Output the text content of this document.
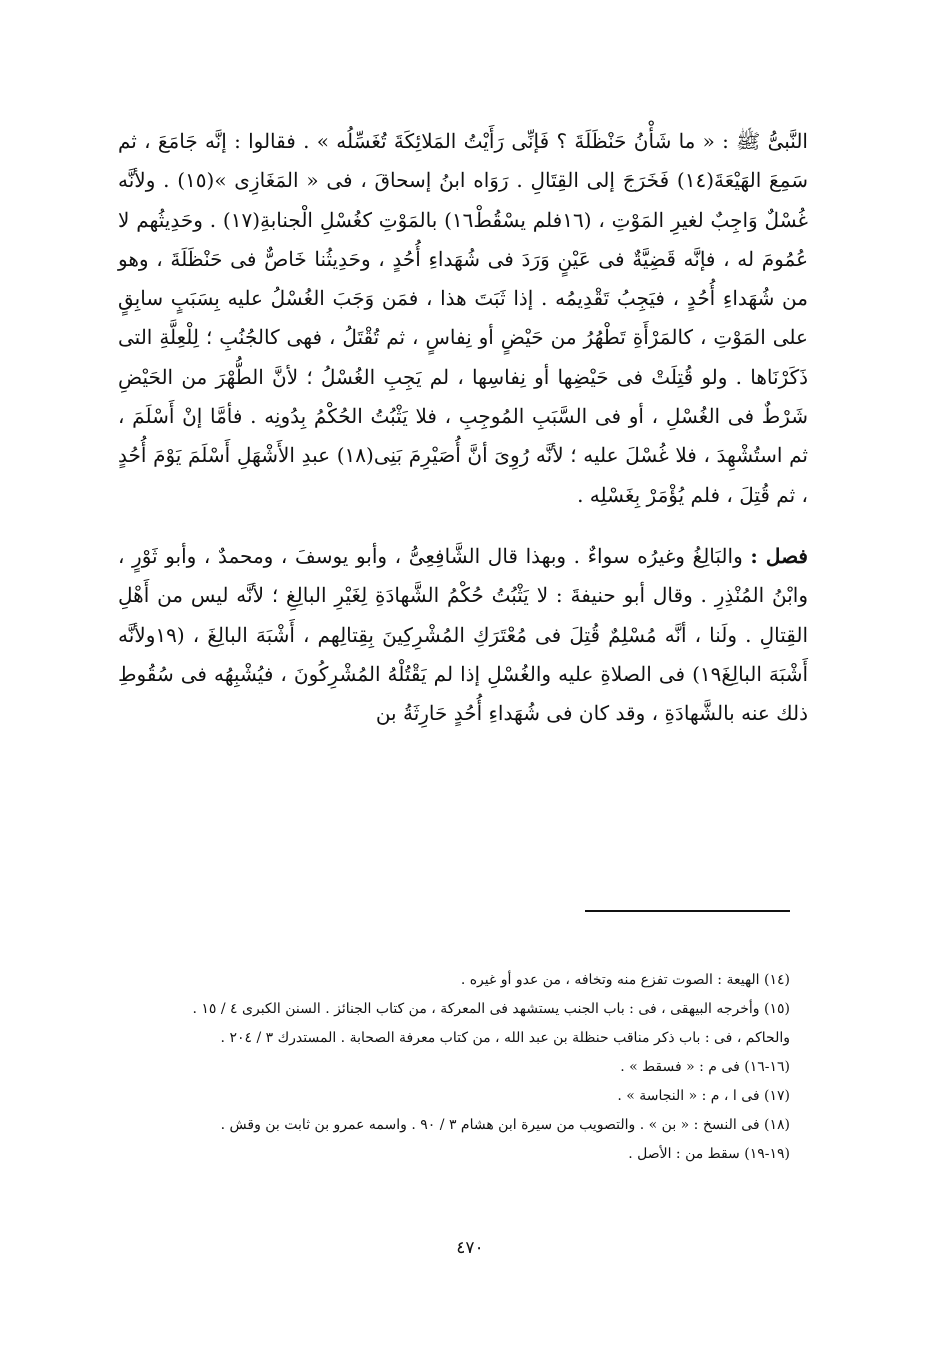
النَّبىُّ ﷺ : « ما شَأْنُ حَنْظَلَةَ ؟ فَإنِّى رَأَيْتُ المَلائِكَةَ تُغَسِّلُه » . فقالوا : إنَّه جَامَعَ ، ثم سَمِعَ الهَيْعَةَ(١٤) فَخَرَجَ إلى القِتَالِ . رَوَاه ابنُ إسحاقَ ، فى « المَغَازِى »(١٥) . ولأنَّه غُسْلٌ وَاجِبٌ لغيرِ المَوْتِ ، (١٦فلم يسْقُطْ١٦) بالمَوْتِ كغُسْلِ الْجنابةِ(١٧) . وحَدِيثُهم لا عُمُومَ له ، فإنَّه قَضِيَّةٌ فى عَيْنٍ وَرَدَ فى شُهَداءِ أُحُدٍ ، وحَدِيثُنا خَاصٌّ فى حَنْظَلَةَ ، وهو من شُهَداءِ أُحُدٍ ، فيَجِبُ تَقْدِيمُه . إذا ثَبَتَ هذا ، فمَن وَجَبَ الغُسْلُ عليه بِسَبَبٍ سابِقٍ على المَوْتِ ، كالمَرْأَةِ تَطْهُرُ من حَيْضٍ أو نِفاسٍ ، ثم تُقْتَلُ ، فهى كالجُنُبِ ؛ لِلْعِلَّةِ التى ذَكَرْنَاها . ولو قُتِلَتْ فى حَيْضِها أو نِفاسِها ، لم يَجِبِ الغُسْلُ ؛ لأنَّ الطُّهْرَ من الحَيْضِ شَرْطٌ فى الغُسْلِ ، أو فى السَّبَبِ المُوجِبِ ، فلا يَثْبُتُ الحُكْمُ بِدُونِه . فأمَّا إنْ أَسْلَمَ ، ثم استُشْهِدَ ، فلا غُسْلَ عليه ؛ لأنَّه رُوِىَ أنَّ أُصَيْرِمَ بَنِى(١٨) عبدِ الأَشْهَلِ أَسْلَمَ يَوْمَ أُحُدٍ ، ثم قُتِلَ ، فلم يُؤْمَرْ بِغَسْلِه .

فصل : والبَالِغُ وغيرُه سواءٌ . وبهذا قال الشَّافِعِىُّ ، وأبو يوسفَ ، ومحمدٌ ، وأبو ثَوْرٍ ، وابْنُ المُنْذِرِ . وقال أبو حنيفةَ : لا يَثْبُتُ حُكْمُ الشَّهادَةِ لِغَيْرِ البالِغِ ؛ لأنَّه ليس من أَهْلِ القِتالِ . ولَنا ، أنَّه مُسْلِمٌ قُتِلَ فى مُعْتَرَكِ المُشْرِكِينَ بِقِتالِهم ، أَشْبَهَ البالِغَ ، (١٩ولأنَّه أَشْبَهَ البالِغَ١٩) فى الصلاةِ عليه والغُسْلِ إذا لم يَقْتُلْهُ المُشْرِكُونَ ، فيُشْبِهُه فى سُقُوطِ ذلك عنه بالشَّهادَةِ ، وقد كان فى شُهَداءِ أُحُدٍ حَارِثَةُ بن

(١٤) الهيعة : الصوت تفزع منه وتخافه ، من عدو أو غيره .
(١٥) وأخرجه البيهقى ، فى : باب الجنب يستشهد فى المعركة ، من كتاب الجنائز . السنن الكبرى ٤ / ١٥ .
والحاكم ، فى : باب ذكر مناقب حنظلة بن عبد الله ، من كتاب معرفة الصحابة . المستدرك ٣ / ٢٠٤ .
(١٦-١٦) فى م : « فسقط » .
(١٧) فى ا ، م : « النجاسة » .
(١٨) فى النسخ : « بن » . والتصويب من سيرة ابن هشام ٣ / ٩٠ . واسمه عمرو بن ثابت بن وقش .
(١٩-١٩) سقط من : الأصل .
٤٧٠
